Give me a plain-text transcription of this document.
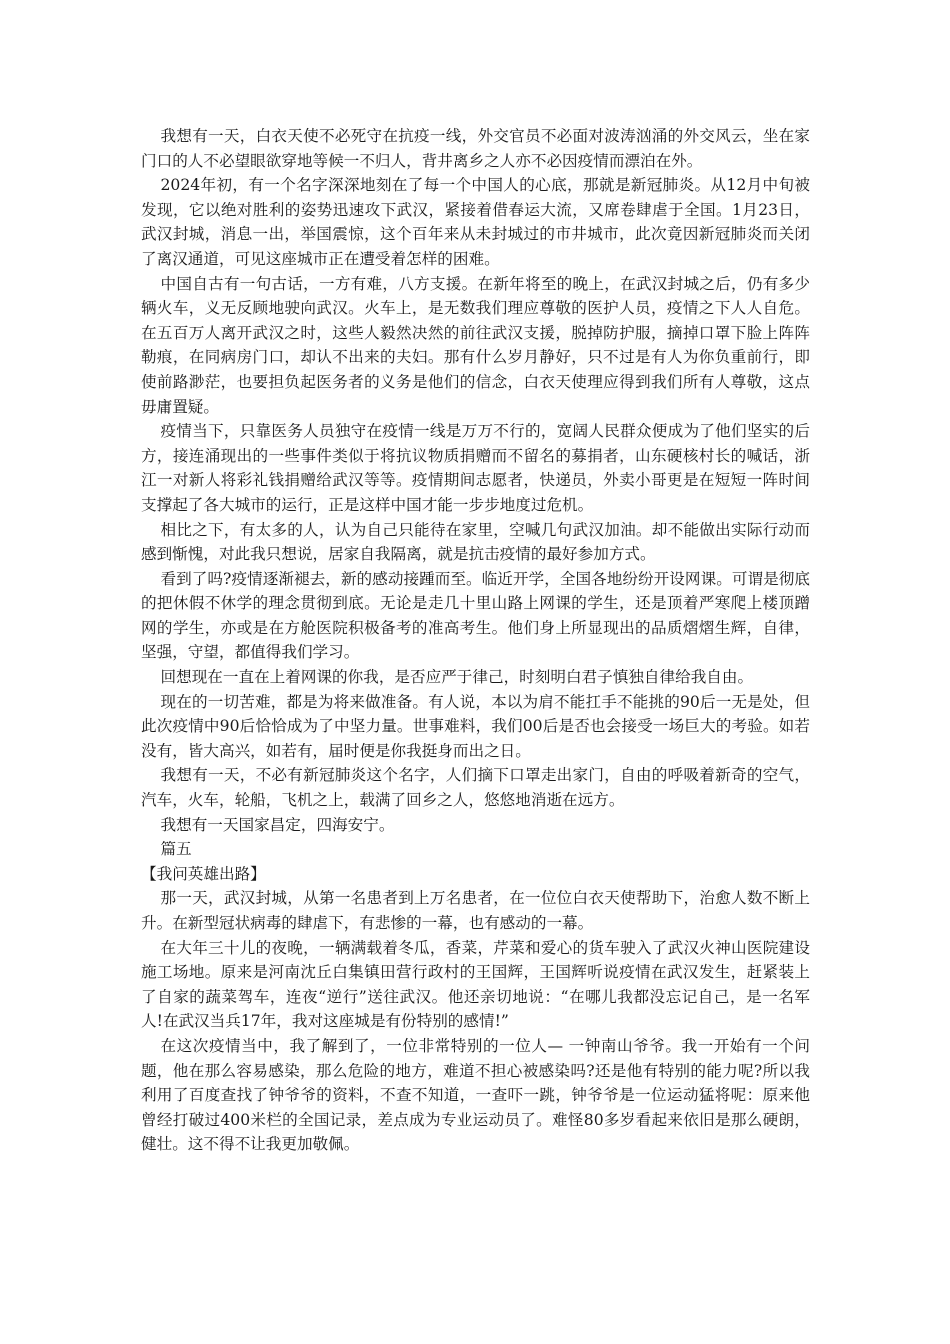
我想有一天，白衣天使不必死守在抗疫一线，外交官员不必面对波涛汹涌的外交风云，坐在家门口的人不必望眼欲穿地等候一不归人，背井离乡之人亦不必因疫情而漂泊在外。

2024年初，有一个名字深深地刻在了每一个中国人的心底，那就是新冠肺炎。从12月中旬被发现，它以绝对胜利的姿势迅速攻下武汉，紧接着借春运大流，又席卷肆虐于全国。1月23日，武汉封城，消息一出，举国震惊，这个百年来从未封城过的市井城市，此次竟因新冠肺炎而关闭了离汉通道，可见这座城市正在遭受着怎样的困难。

中国自古有一句古话，一方有难，八方支援。在新年将至的晚上，在武汉封城之后，仍有多少辆火车，义无反顾地驶向武汉。火车上，是无数我们理应尊敬的医护人员，疫情之下人人自危。在五百万人离开武汉之时，这些人毅然决然的前往武汉支援，脱掉防护服，摘掉口罩下脸上阵阵勒痕，在同病房门口，却认不出来的夫妇。那有什么岁月静好，只不过是有人为你负重前行，即使前路渺茫，也要担负起医务者的义务是他们的信念，白衣天使理应得到我们所有人尊敬，这点毋庸置疑。

疫情当下，只靠医务人员独守在疫情一线是万万不行的，宽阔人民群众便成为了他们坚实的后方，接连涌现出的一些事件类似于将抗议物质捐赠而不留名的募捐者，山东硬核村长的喊话，浙江一对新人将彩礼钱捐赠给武汉等等。疫情期间志愿者，快递员，外卖小哥更是在短短一阵时间支撑起了各大城市的运行，正是这样中国才能一步步地度过危机。

相比之下，有太多的人，认为自己只能待在家里，空喊几句武汉加油。却不能做出实际行动而感到惭愧，对此我只想说，居家自我隔离，就是抗击疫情的最好参加方式。

看到了吗?疫情逐渐褪去，新的感动接踵而至。临近开学，全国各地纷纷开设网课。可谓是彻底的把休假不休学的理念贯彻到底。无论是走几十里山路上网课的学生，还是顶着严寒爬上楼顶蹭网的学生，亦或是在方舱医院积极备考的准高考生。他们身上所显现出的品质熠熠生辉，自律，坚强，守望，都值得我们学习。

回想现在一直在上着网课的你我，是否应严于律己，时刻明白君子慎独自律给我自由。

现在的一切苦难，都是为将来做准备。有人说，本以为肩不能扛手不能挑的90后一无是处，但此次疫情中90后恰恰成为了中坚力量。世事难料，我们00后是否也会接受一场巨大的考验。如若没有，皆大高兴，如若有，届时便是你我挺身而出之日。

我想有一天，不必有新冠肺炎这个名字，人们摘下口罩走出家门，自由的呼吸着新奇的空气，汽车，火车，轮船，飞机之上，载满了回乡之人，悠悠地消逝在远方。

我想有一天国家昌定，四海安宁。

篇五

【我问英雄出路】

那一天，武汉封城，从第一名患者到上万名患者，在一位位白衣天使帮助下，治愈人数不断上升。在新型冠状病毒的肆虐下，有悲惨的一幕，也有感动的一幕。

在大年三十儿的夜晚，一辆满载着冬瓜，香菜，芹菜和爱心的货车驶入了武汉火神山医院建设施工场地。原来是河南沈丘白集镇田营行政村的王国辉，王国辉听说疫情在武汉发生，赶紧装上了自家的蔬菜驾车，连夜“逆行”送往武汉。他还亲切地说：“在哪儿我都没忘记自己，是一名军人!在武汉当兵17年，我对这座城是有份特别的感情!”

在这次疫情当中，我了解到了，一位非常特别的一位人— 一钟南山爷爷。我一开始有一个问题，他在那么容易感染，那么危险的地方，难道不担心被感染吗?还是他有特别的能力呢?所以我利用了百度查找了钟爷爷的资料，不查不知道，一查吓一跳，钟爷爷是一位运动猛将呢：原来他曾经打破过400米栏的全国记录，差点成为专业运动员了。难怪80多岁看起来依旧是那么硬朗，健壮。这不得不让我更加敬佩。
